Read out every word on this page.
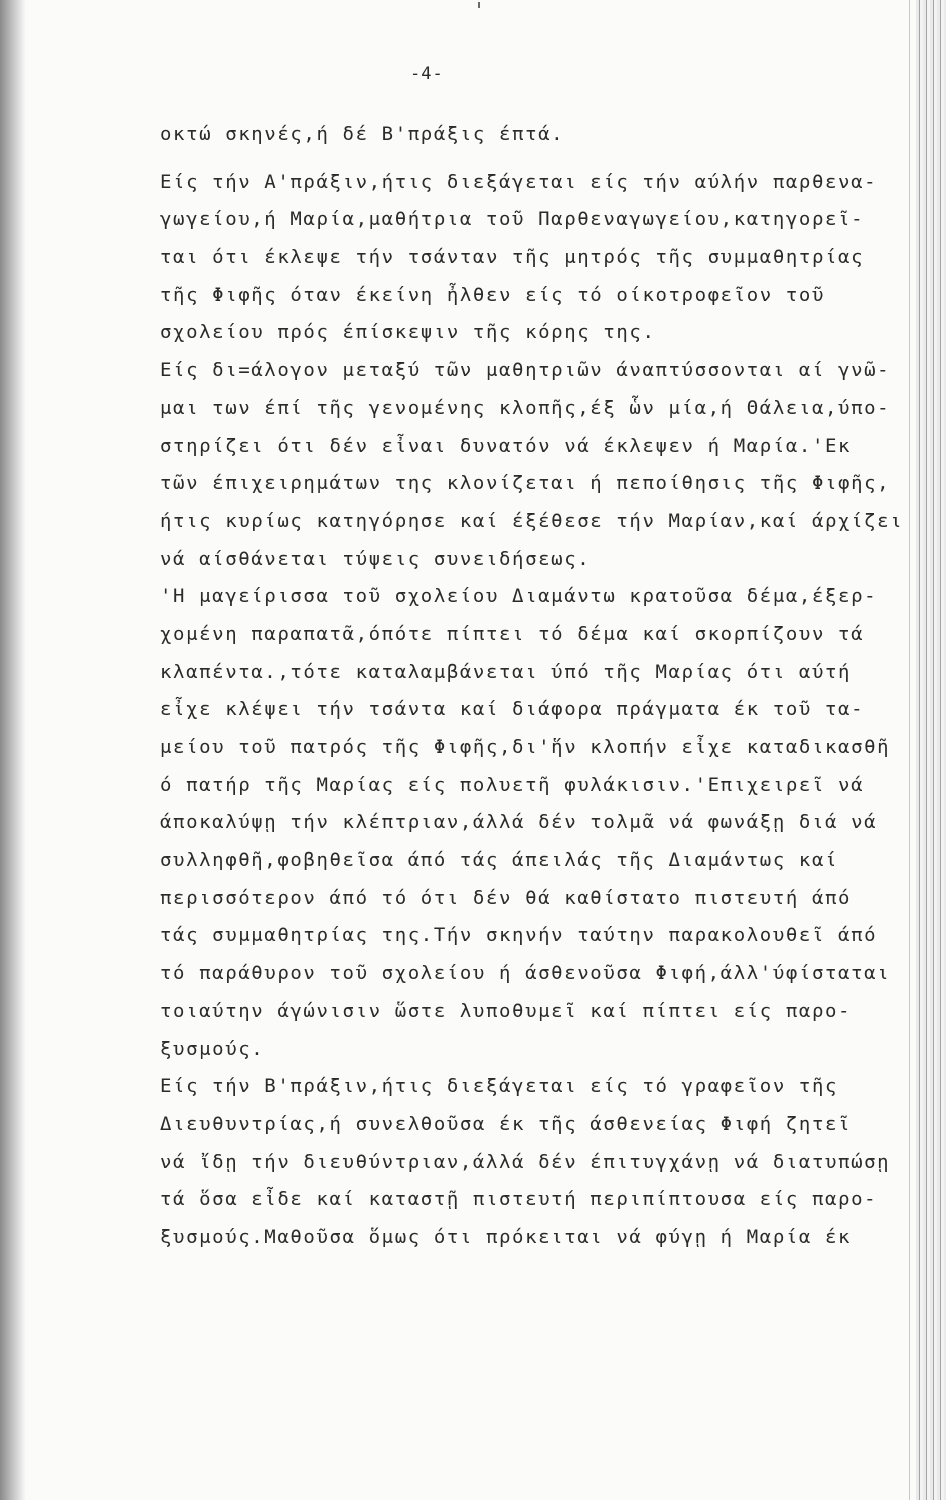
-4-
οκτώ σκηνές,ή δέ Β'πράξις έπτά.
Είς τήν Α'πράξιν,ήτις διεξάγεται είς τήν αύλήν παρθενα-
γωγείου,ή Μαρία,μαθήτρια τοῦ Παρθεναγωγείου,κατηγορεῖ-
ται ότι έκλεψε τήν τσάνταν τῆς μητρός τῆς συμμαθητρίας
τῆς Φιφῆς όταν έκείνη ἦλθεν είς τό οίκοτροφεῖον τοῦ
σχολείου πρός έπίσκεψιν τῆς κόρης της.
Είς δι=άλογον μεταξύ τῶν μαθητριῶν άναπτύσσονται αί γνῶ-
μαι των έπί τῆς γενομένης κλοπῆς,έξ ὧν μία,ή Θάλεια,ύπο-
στηρίζει ότι δέν εἶναι δυνατόν νά έκλεψεν ή Μαρία.'Εκ
τῶν έπιχειρημάτων της κλονίζεται ή πεποίθησις τῆς Φιφῆς,
ήτις κυρίως κατηγόρησε καί έξέθεσε τήν Μαρίαν,καί άρχίζει
νά αίσθάνεται τύψεις συνειδήσεως.
'Η μαγείρισσα τοῦ σχολείου Διαμάντω κρατοῦσα δέμα,έξερ-
χομένη παραπατᾶ,όπότε πίπτει τό δέμα καί σκορπίζουν τά
κλαπέντα.,τότε καταλαμβάνεται ύπό τῆς Μαρίας ότι αύτή
εἶχε κλέψει τήν τσάντα καί διάφορα πράγματα έκ τοῦ τα-
μείου τοῦ πατρός τῆς Φιφῆς,δι'ἥν κλοπήν εἶχε καταδικασθῆ
ό πατήρ τῆς Μαρίας είς πολυετῆ φυλάκισιν.'Επιχειρεῖ νά
άποκαλύψῃ τήν κλέπτριαν,άλλά δέν τολμᾶ νά φωνάξῃ διά νά
συλληφθῆ,φοβηθεῖσα άπό τάς άπειλάς τῆς Διαμάντως καί
περισσότερον άπό τό ότι δέν θά καθίστατο πιστευτή άπό
τάς συμμαθητρίας της.Τήν σκηνήν ταύτην παρακολουθεῖ άπό
τό παράθυρον τοῦ σχολείου ή άσθενοῦσα Φιφή,άλλ'ύφίσταται
τοιαύτην άγώνισιν ὥστε λυποθυμεῖ καί πίπτει είς παρο-
ξυσμούς.
Είς τήν Β'πράξιν,ήτις διεξάγεται είς τό γραφεῖον τῆς
Διευθυντρίας,ή συνελθοῦσα έκ τῆς άσθενείας Φιφή ζητεῖ
νά ἴδῃ τήν διευθύντριαν,άλλά δέν έπιτυγχάνῃ νά διατυπώσῃ
τά ὅσα εἶδε καί καταστῇ πιστευτή περιπίπτουσα είς παρο-
ξυσμούς.Μαθοῦσα ὅμως ότι πρόκειται νά φύγῃ ή Μαρία έκ
